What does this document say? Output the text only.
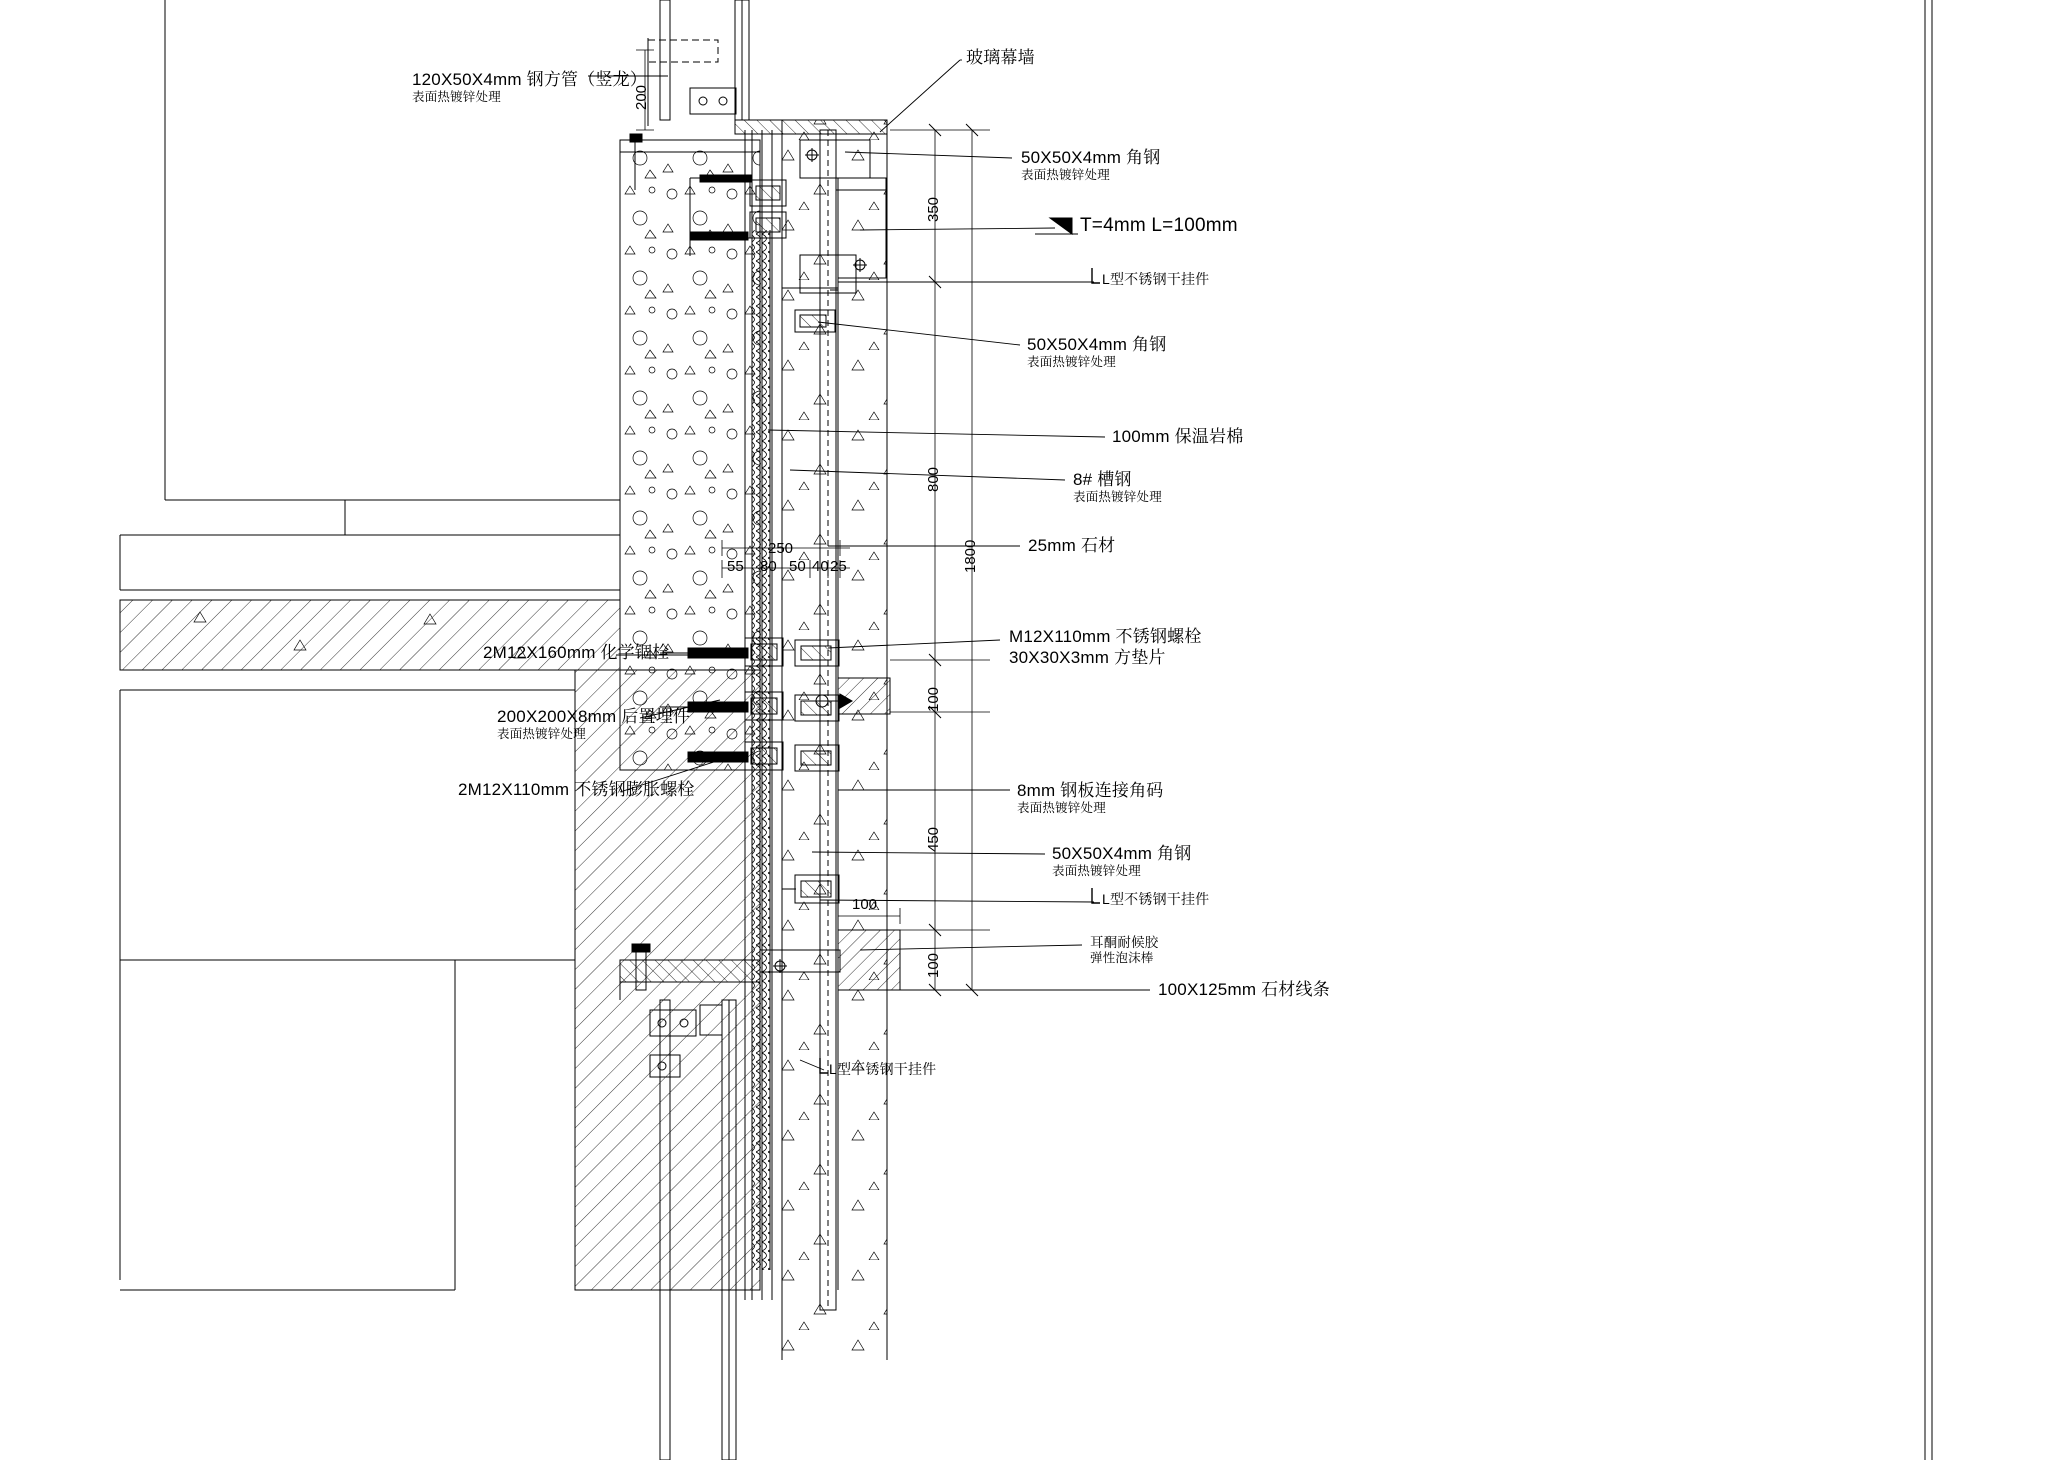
120X50X4mm 钢方管（竖龙）
表面热镀锌处理
2M12X160mm 化学锢栓
200X200X8mm 后置埋件
表面热镀锌处理
2M12X110mm 不锈钢膨胀螺栓
玻璃幕墙
50X50X4mm 角钢
表面热镀锌处理
T=4mm L=100mm
L型不锈钢干挂件
50X50X4mm 角钢
表面热镀锌处理
100mm 保温岩棉
8# 槽钢
表面热镀锌处理
25mm 石材
M12X110mm 不锈钢螺栓
30X30X3mm 方垫片
8mm 钢板连接角码
表面热镀锌处理
50X50X4mm 角钢
表面热镀锌处理
L型不锈钢干挂件
耳酮耐候胶
弹性泡沫棒
100X125mm 石材线条
L型不锈钢干挂件
200
350
800
1800
100
450
100
250
55 80 50 40 25
100
